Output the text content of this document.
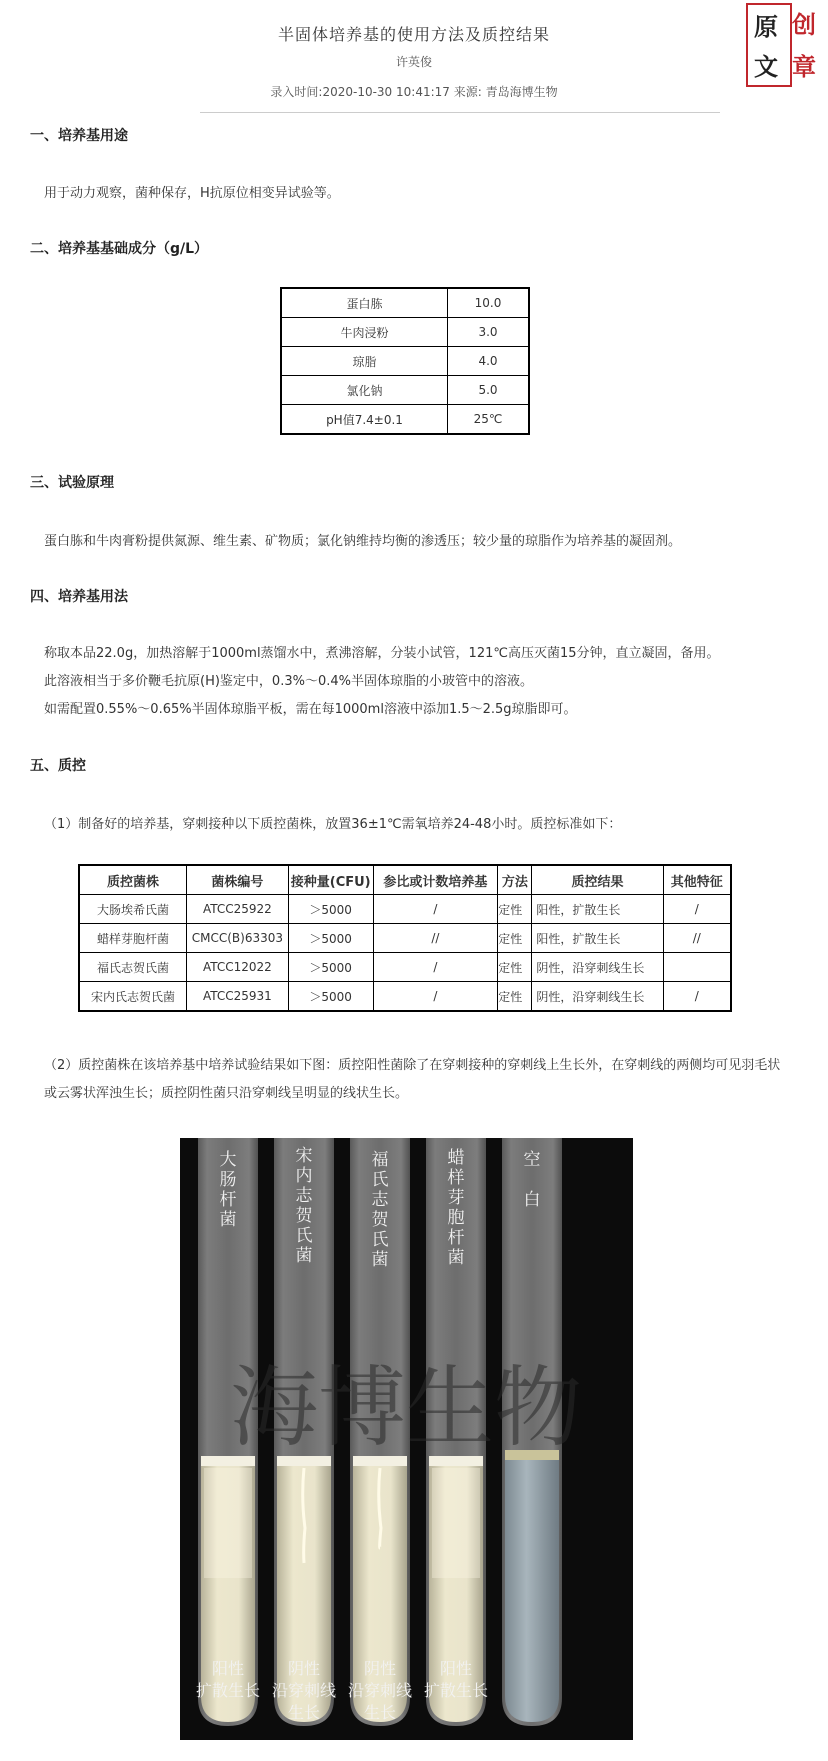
半固体培养基的使用方法及质控结果
许英俊
录入时间:2020-10-30 10:41:17 来源: 青岛海博生物
原 创
文 章
一、培养基用途
用于动力观察，菌种保存，H抗原位相变异试验等。
二、培养基基础成分（g/L）
蛋白胨	10.0
牛肉浸粉	3.0
琼脂	4.0
氯化钠	5.0
pH值7.4±0.1	25℃
三、试验原理
蛋白胨和牛肉膏粉提供氮源、维生素、矿物质；氯化钠维持均衡的渗透压；较少量的琼脂作为培养基的凝固剂。
四、培养基用法
称取本品22.0g，加热溶解于1000ml蒸馏水中，煮沸溶解，分装小试管，121℃高压灭菌15分钟，直立凝固，备用。
此溶液相当于多价鞭毛抗原(H)鉴定中，0.3%～0.4%半固体琼脂的小玻管中的溶液。
如需配置0.55%～0.65%半固体琼脂平板，需在每1000ml溶液中添加1.5～2.5g琼脂即可。
五、质控
（1）制备好的培养基，穿刺接种以下质控菌株，放置36±1℃需氧培养24-48小时。质控标准如下：
质控菌株	菌株编号	接种量(CFU)	参比或计数培养基	方法	质控结果	其他特征
大肠埃希氏菌	ATCC25922	＞5000	/	定性	阳性，扩散生长	/
蜡样芽胞杆菌	CMCC(B)63303	＞5000	//	定性	阳性，扩散生长	//
福氏志贺氏菌	ATCC12022	＞5000	/	定性	阴性，沿穿刺线生长	
宋内氏志贺氏菌	ATCC25931	＞5000	/	定性	阴性，沿穿刺线生长	/
（2）质控菌株在该培养基中培养试验结果如下图：质控阳性菌除了在穿刺接种的穿刺线上生长外，在穿刺线的两侧均可见羽毛状或云雾状浑浊生长；质控阴性菌只沿穿刺线呈明显的线状生长。
海博生物
大肠杆菌
宋内志贺氏菌
福氏志贺氏菌
蜡样芽胞杆菌
空
白
阳性
扩散生长
阴性
沿穿刺线
生长
阴性
沿穿刺线
生长
阳性
扩散生长
